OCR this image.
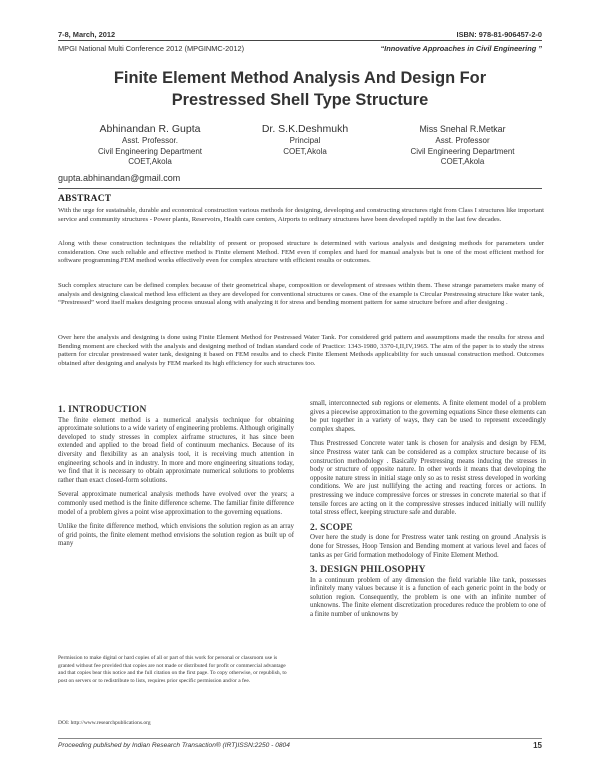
7-8, March, 2012	ISBN: 978-81-906457-2-0
MPGI National Multi Conference 2012 (MPGINMC-2012)	“Innovative Approaches in Civil Engineering ”
Finite Element Method Analysis And Design For
Prestressed Shell Type Structure
Abhinandan R. Gupta
Asst. Professor.
Civil Engineering Department
COET,Akola
Dr. S.K.Deshmukh
Principal
COET,Akola
Miss Snehal R.Metkar
Asst. Professor
Civil Engineering Department
COET,Akola
gupta.abhinandan@gmail.com
ABSTRACT
With the urge for sustainable, durable and economical construction various methods for designing, developing and constructing structures right from Class I structures like important service and community structures - Power plants, Reservoirs, Health care centers, Airports to ordinary structures have been developed rapidly in the last few decades.
Along with these construction techniques the reliability of present or proposed structure is determined with various analysis and designing methods for parameters under consideration. One such reliable and effective method is Finite element Method. FEM even if complex and hard for manual analysis but is one of the most efficient method for software programming.FEM method works effectively even for complex structure with efficient results or outcomes.
Such complex structure can be defined complex because of their geometrical shape, composition or development of stresses within them. These strange parameters make many of analysis and designing classical method less efficient as they are developed for conventional structures or cases. One of the example is Circular Prestressing structure like water tank, “Prestressed” word itself makes designing process unusual along with analyzing it for stress and bending moment pattern for same structure before and after designing .
Over here the analysis and designing is done using Finite Element Method for Pestressed Water Tank. For considered grid pattern and assumptions made the results for stress and Bending moment are checked with the analysis and designing method of Indian standard code of Practice: 1343-1980, 3370-I,II,IV,1965. The aim of the paper is to study the stress pattern for circular prestressed water tank, designing it based on FEM results and to check Finite Element Methods applicability for such unusual construction method. Outcomes obtained after designing and analysis by FEM marked its high efficiency for such structures too.
1. INTRODUCTION

The finite element method is a numerical analysis technique for obtaining approximate solutions to a wide variety of engineering problems. Although originally developed to study stresses in complex airframe structures, it has since been extended and applied to the broad field of continuum mechanics. Because of its diversity and flexibility as an analysis tool, it is receiving much attention in engineering schools and in industry. In more and more engineering situations today, we find that it is necessary to obtain approximate numerical solutions to problems rather than exact closed-form solutions.

Several approximate numerical analysis methods have evolved over the years; a commonly used method is the finite difference scheme. The familiar finite difference model of a problem gives a point wise approximation to the governing equations.

Unlike the finite difference method, which envisions the solution region as an array of grid points, the finite element method envisions the solution region as built up of many

Permission to make digital or hard copies of all or part of this work for personal or classroom use is granted without fee provided that copies are not made or distributed for profit or commercial advantage and that copies bear this notice and the full citation on the first page. To copy otherwise, or republish, to post on servers or to redistribute to lists, requires prior specific permission and/or a fee.
DOI: http://www.researchpublications.org

small, interconnected sub regions or elements. A finite element model of a problem gives a piecewise approximation to the governing equations Since these elements can be put together in a variety of ways, they can be used to represent exceedingly complex shapes.

Thus Prestressed Concrete water tank is chosen for analysis and design by FEM, since Prestress water tank can be considered as a complex structure because of its construction methodology . Basically Prestressing means inducing the stresses in body or structure of opposite nature. In other words it means that developing the opposite nature stress in initial stage only so as to resist stress developed in working conditions. We are just nullifying the acting and reacting forces or actions. In prestressing we induce compressive forces or stresses in concrete material so that if tensile forces are acting on it the compressive stresses induced initially will nullify total stress effect, keeping structure safe and durable.

2. SCOPE

Over here the study is done for Prestress water tank resting on ground .Analysis is done for Stresses, Hoop Tension and Bending moment at various level and faces of tanks as per Grid formation methodology of Finite Element Method.

3. DESIGN PHILOSOPHY

In a continuum problem of any dimension the field variable like tank, possesses infinitely many values because it is a function of each generic point in the body or solution region. Consequently, the problem is one with an infinite number of unknowns. The finite element discretization procedures reduce the problem to one of a finite number of unknowns by

Proceeding published by Indian Research Transaction® (IRT)ISSN:2250 - 0804	15
